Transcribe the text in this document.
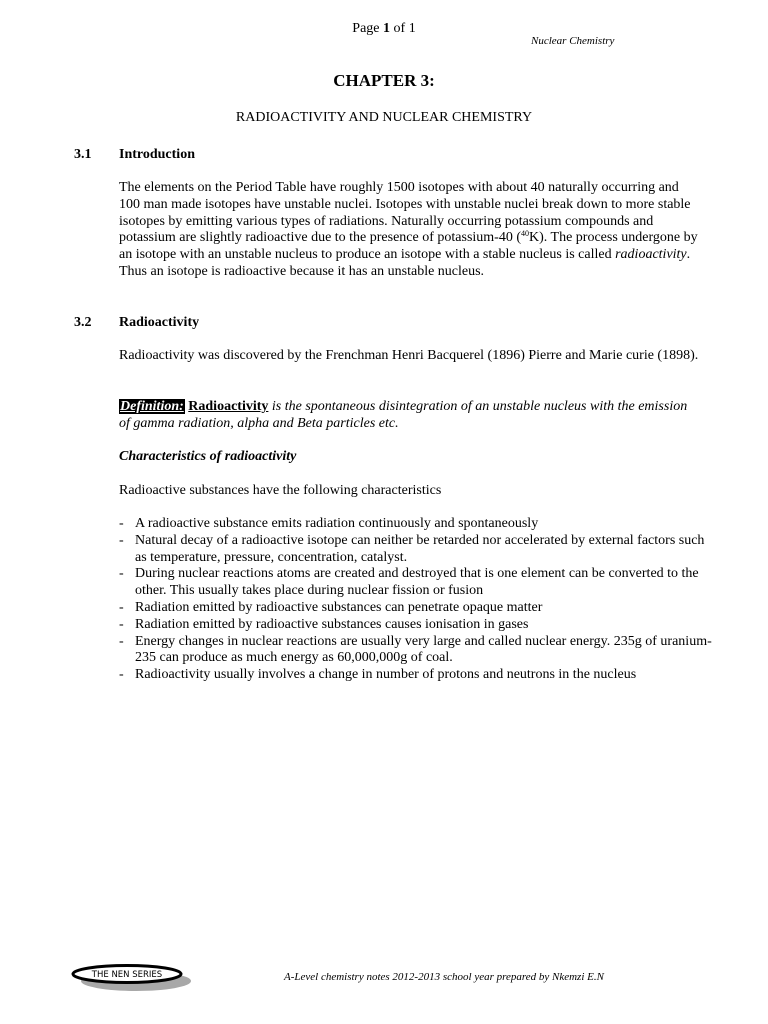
Page 1 of 1
Nuclear Chemistry
CHAPTER 3:
RADIOACTIVITY AND NUCLEAR CHEMISTRY
3.1 Introduction

The elements on the Period Table have roughly 1500 isotopes with about 40 naturally occurring and 100 man made isotopes have unstable nuclei. Isotopes with unstable nuclei break down to more stable isotopes by emitting various types of radiations. Naturally occurring potassium compounds and potassium are slightly radioactive due to the presence of potassium-40 ($^{40}$K). The process undergone by an isotope with an unstable nucleus to produce an isotope with a stable nucleus is called radioactivity. Thus an isotope is radioactive because it has an unstable nucleus.

3.2 Radioactivity

Radioactivity was discovered by the Frenchman Henri Bacquerel (1896) Pierre and Marie curie (1898).

Definition: Radioactivity is the spontaneous disintegration of an unstable nucleus with the emission of gamma radiation, alpha and Beta particles etc.

Characteristics of radioactivity

Radioactive substances have the following characteristics

- A radioactive substance emits radiation continuously and spontaneously
- Natural decay of a radioactive isotope can neither be retarded nor accelerated by external factors such as temperature, pressure, concentration, catalyst.
- During nuclear reactions atoms are created and destroyed that is one element can be converted to the other. This usually takes place during nuclear fission or fusion
- Radiation emitted by radioactive substances can penetrate opaque matter
- Radiation emitted by radioactive substances causes ionisation in gases
- Energy changes in nuclear reactions are usually very large and called nuclear energy. 235g of uranium-235 can produce as much energy as 60,000,000g of coal.
- Radioactivity usually involves a change in number of protons and neutrons in the nucleus
THE NEN SERIES	A-Level chemistry notes 2012-2013 school year prepared by Nkemzi E.N
